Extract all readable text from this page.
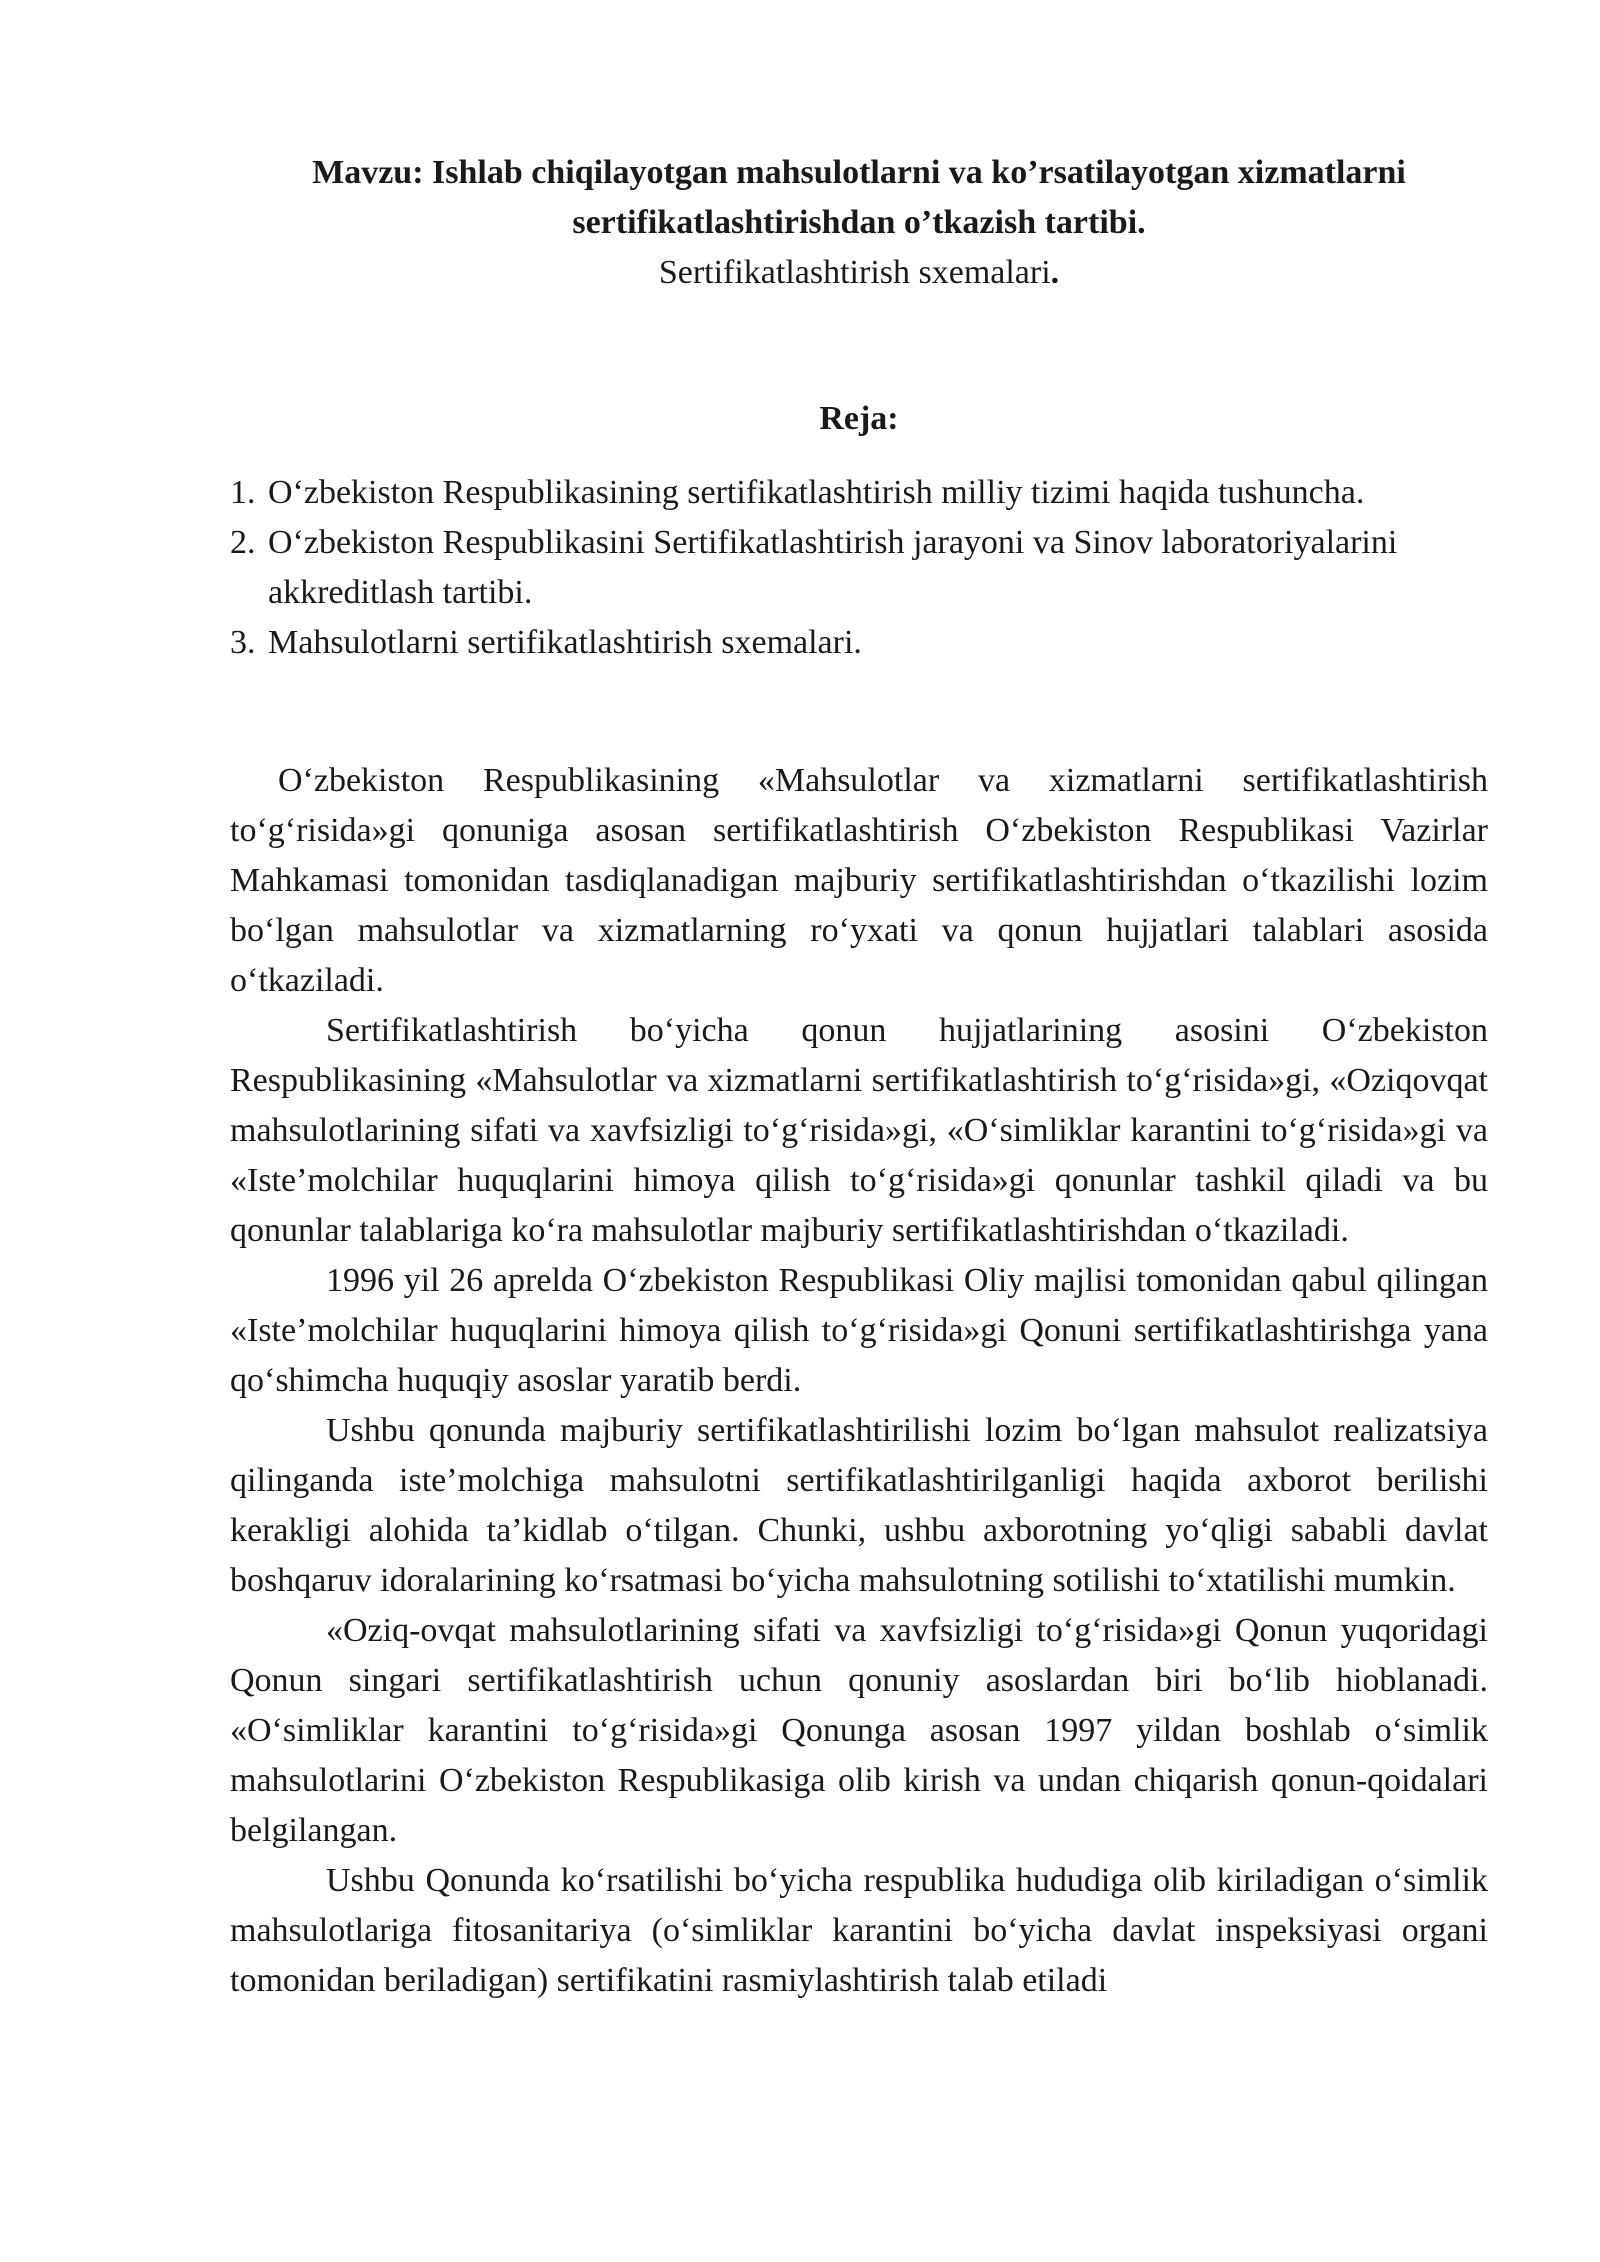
Mavzu: Ishlab chiqilayotgan mahsulotlarni va ko’rsatilayotgan xizmatlarni
sertifikatlashtirishdan o’tkazish tartibi.
Sertifikatlashtirish sxemalari.
Reja:
1. O‘zbekiston Respublikasining sertifikatlashtirish milliy tizimi haqida tushuncha.
2. O‘zbekiston Respublikasini Sertifikatlashtirish jarayoni va Sinov laboratoriyalarini akkreditlash tartibi.
3. Mahsulotlarni sertifikatlashtirish sxemalari.

O‘zbekiston Respublikasining «Mahsulotlar va xizmatlarni sertifikatlashtirish to‘g‘risida»gi qonuniga asosan sertifikatlashtirish O‘zbekiston Respublikasi Vazirlar Mahkamasi tomonidan tasdiqlanadigan majburiy sertifikatlashtirishdan o‘tkazilishi lozim bo‘lgan mahsulotlar va xizmatlarning ro‘yxati va qonun hujjatlari talablari asosida o‘tkaziladi.

Sertifikatlashtirish bo‘yicha qonun hujjatlarining asosini O‘zbekiston Respublikasining «Mahsulotlar va xizmatlarni sertifikatlashtirish to‘g‘risida»gi, «Oziqovqat mahsulotlarining sifati va xavfsizligi to‘g‘risida»gi, «O‘simliklar karantini to‘g‘risida»gi va «Iste’molchilar huquqlarini himoya qilish to‘g‘risida»gi qonunlar tashkil qiladi va bu qonunlar talablariga ko‘ra mahsulotlar majburiy sertifikatlashtirishdan o‘tkaziladi.

1996 yil 26 aprelda O‘zbekiston Respublikasi Oliy majlisi tomonidan qabul qilingan «Iste’molchilar huquqlarini himoya qilish to‘g‘risida»gi Qonuni sertifikatlashtirishga yana qo‘shimcha huquqiy asoslar yaratib berdi.

Ushbu qonunda majburiy sertifikatlashtirilishi lozim bo‘lgan mahsulot realizatsiya qilinganda iste’molchiga mahsulotni sertifikatlashtirilganligi haqida axborot berilishi kerakligi alohida ta’kidlab o‘tilgan. Chunki, ushbu axborotning yo‘qligi sababli davlat boshqaruv idoralarining ko‘rsatmasi bo‘yicha mahsulotning sotilishi to‘xtatilishi mumkin.

«Oziq-ovqat mahsulotlarining sifati va xavfsizligi to‘g‘risida»gi Qonun yuqoridagi Qonun singari sertifikatlashtirish uchun qonuniy asoslardan biri bo‘lib hioblanadi. «O‘simliklar karantini to‘g‘risida»gi Qonunga asosan 1997 yildan boshlab o‘simlik mahsulotlarini O‘zbekiston Respublikasiga olib kirish va undan chiqarish qonun-qoidalari belgilangan.

Ushbu Qonunda ko‘rsatilishi bo‘yicha respublika hududiga olib kiriladigan o‘simlik mahsulotlariga fitosanitariya (o‘simliklar karantini bo‘yicha davlat inspeksiyasi organi tomonidan beriladigan) sertifikatini rasmiylashtirish talab etiladi
